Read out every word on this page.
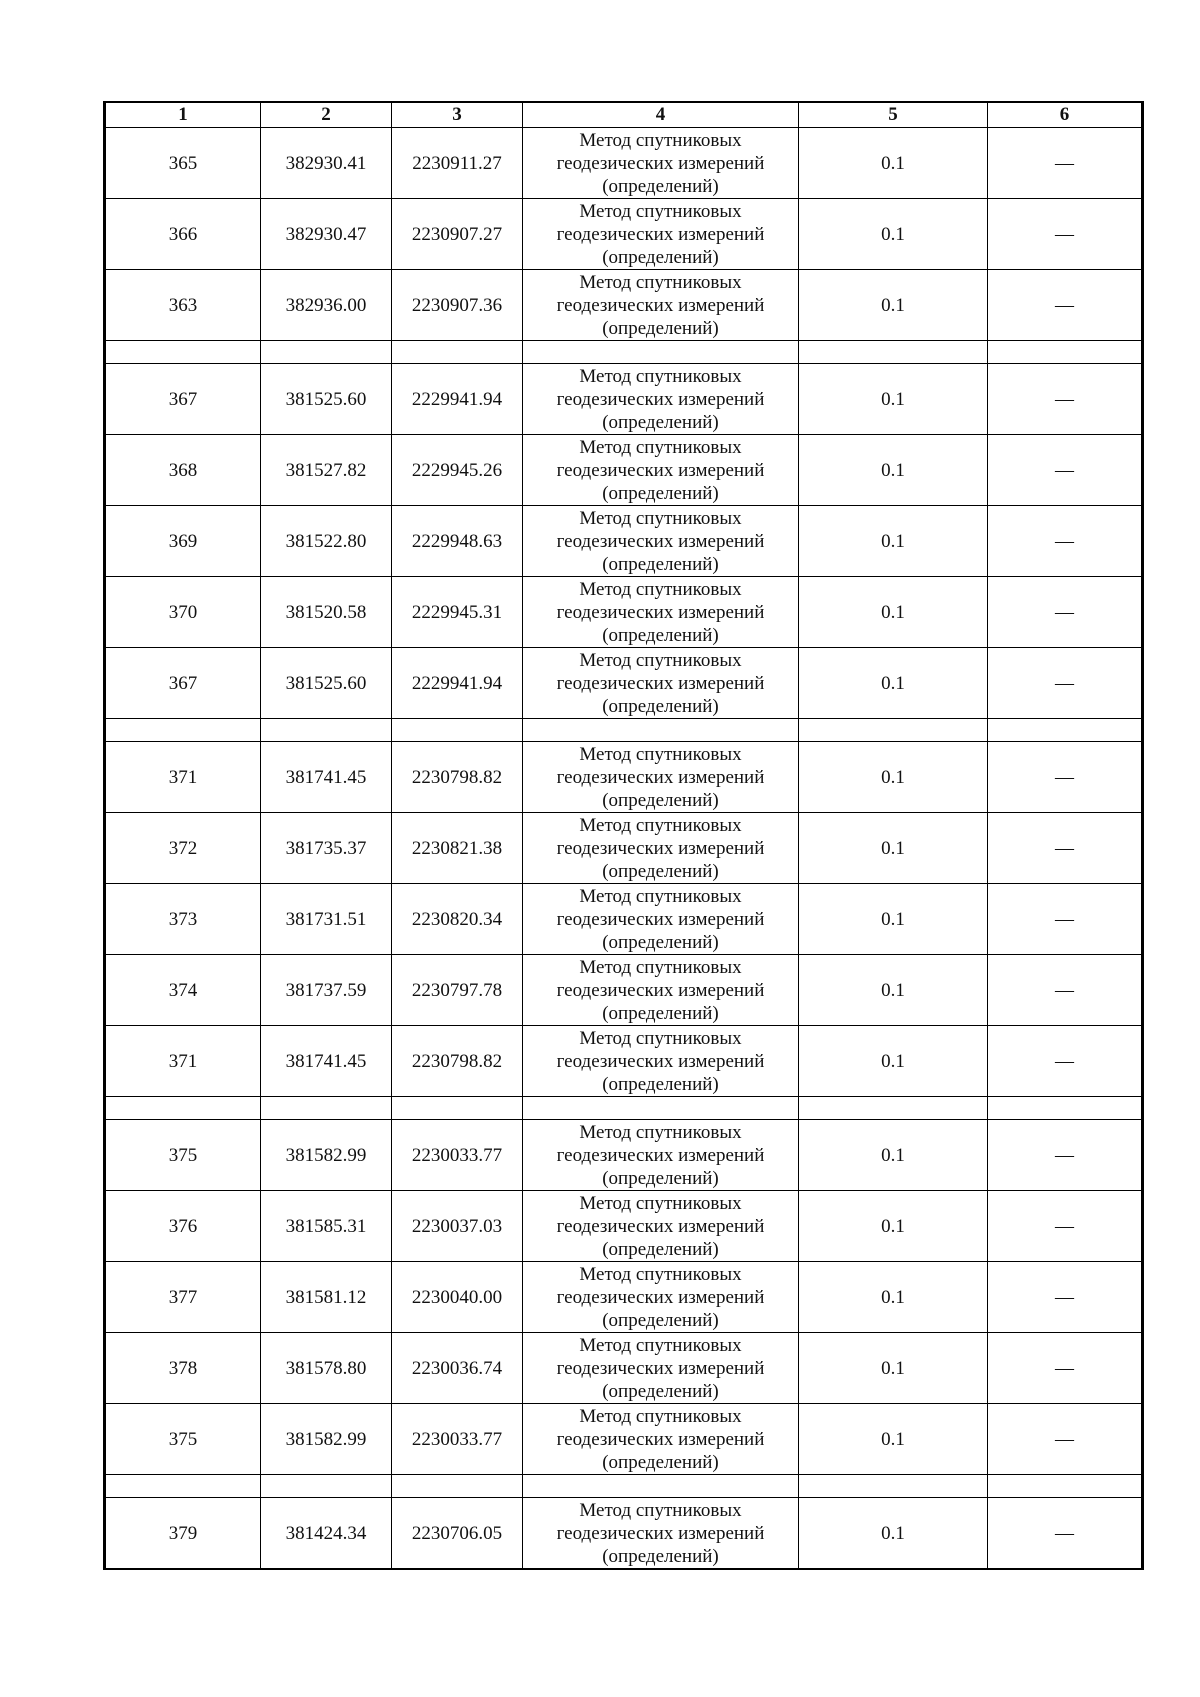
1	2	3	4	5	6
365	382930.41	2230911.27	Метод спутниковых геодезических измерений (определений)	0.1	—
366	382930.47	2230907.27	Метод спутниковых геодезических измерений (определений)	0.1	—
363	382936.00	2230907.36	Метод спутниковых геодезических измерений (определений)	0.1	—

367	381525.60	2229941.94	Метод спутниковых геодезических измерений (определений)	0.1	—
368	381527.82	2229945.26	Метод спутниковых геодезических измерений (определений)	0.1	—
369	381522.80	2229948.63	Метод спутниковых геодезических измерений (определений)	0.1	—
370	381520.58	2229945.31	Метод спутниковых геодезических измерений (определений)	0.1	—
367	381525.60	2229941.94	Метод спутниковых геодезических измерений (определений)	0.1	—

371	381741.45	2230798.82	Метод спутниковых геодезических измерений (определений)	0.1	—
372	381735.37	2230821.38	Метод спутниковых геодезических измерений (определений)	0.1	—
373	381731.51	2230820.34	Метод спутниковых геодезических измерений (определений)	0.1	—
374	381737.59	2230797.78	Метод спутниковых геодезических измерений (определений)	0.1	—
371	381741.45	2230798.82	Метод спутниковых геодезических измерений (определений)	0.1	—

375	381582.99	2230033.77	Метод спутниковых геодезических измерений (определений)	0.1	—
376	381585.31	2230037.03	Метод спутниковых геодезических измерений (определений)	0.1	—
377	381581.12	2230040.00	Метод спутниковых геодезических измерений (определений)	0.1	—
378	381578.80	2230036.74	Метод спутниковых геодезических измерений (определений)	0.1	—
375	381582.99	2230033.77	Метод спутниковых геодезических измерений (определений)	0.1	—

379	381424.34	2230706.05	Метод спутниковых геодезических измерений (определений)	0.1	—
